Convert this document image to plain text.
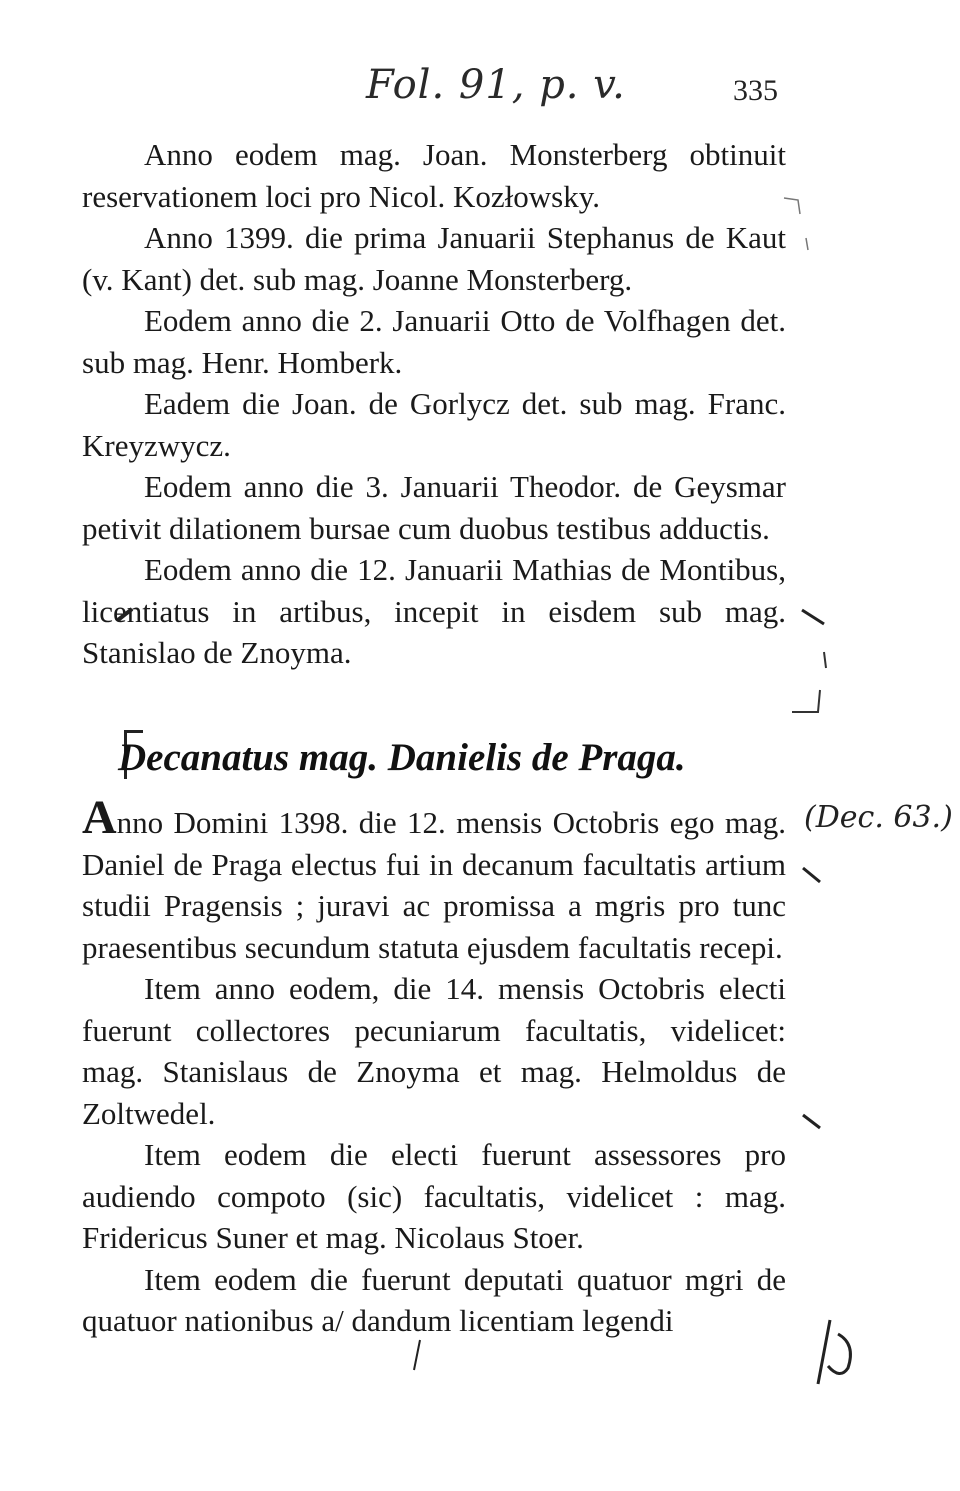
Fol. 91, p. v.	335

Anno eodem mag. Joan. Monsterberg obtinuit reservationem loci pro Nicol. Kozłowsky.

Anno 1399. die prima Januarii Stephanus de Kaut (v. Kant) det. sub mag. Joanne Monsterberg.

Eodem anno die 2. Januarii Otto de Volfhagen det. sub mag. Henr. Homberk.

Eadem die Joan. de Gorlycz det. sub mag. Franc. Kreyzwycz.

Eodem anno die 3. Januarii Theodor. de Geysmar petivit dilationem bursae cum duobus testibus adductis.

Eodem anno die 12. Januarii Mathias de Montibus, licentiatus in artibus, incepit in eisdem sub mag. Stanislao de Znoyma.

Decanatus mag. Danielis de Praga.

Anno Domini 1398. die 12. mensis Octobris ego mag. Daniel de Praga electus fui in decanum facultatis artium studii Pragensis ; juravi ac promissa a mgris pro tunc praesentibus secundum statuta ejusdem facultatis recepi.

Item anno eodem, die 14. mensis Octobris electi fuerunt collectores pecuniarum facultatis, videlicet: mag. Stanislaus de Znoyma et mag. Helmoldus de Zoltwedel.

Item eodem die electi fuerunt assessores pro audiendo compoto (sic) facultatis, videlicet : mag. Fridericus Suner et mag. Nicolaus Stoer.

Item eodem die fuerunt deputati quatuor mgri de quatuor nationibus a/ dandum licentiam legendi

(Dec. 63.)
